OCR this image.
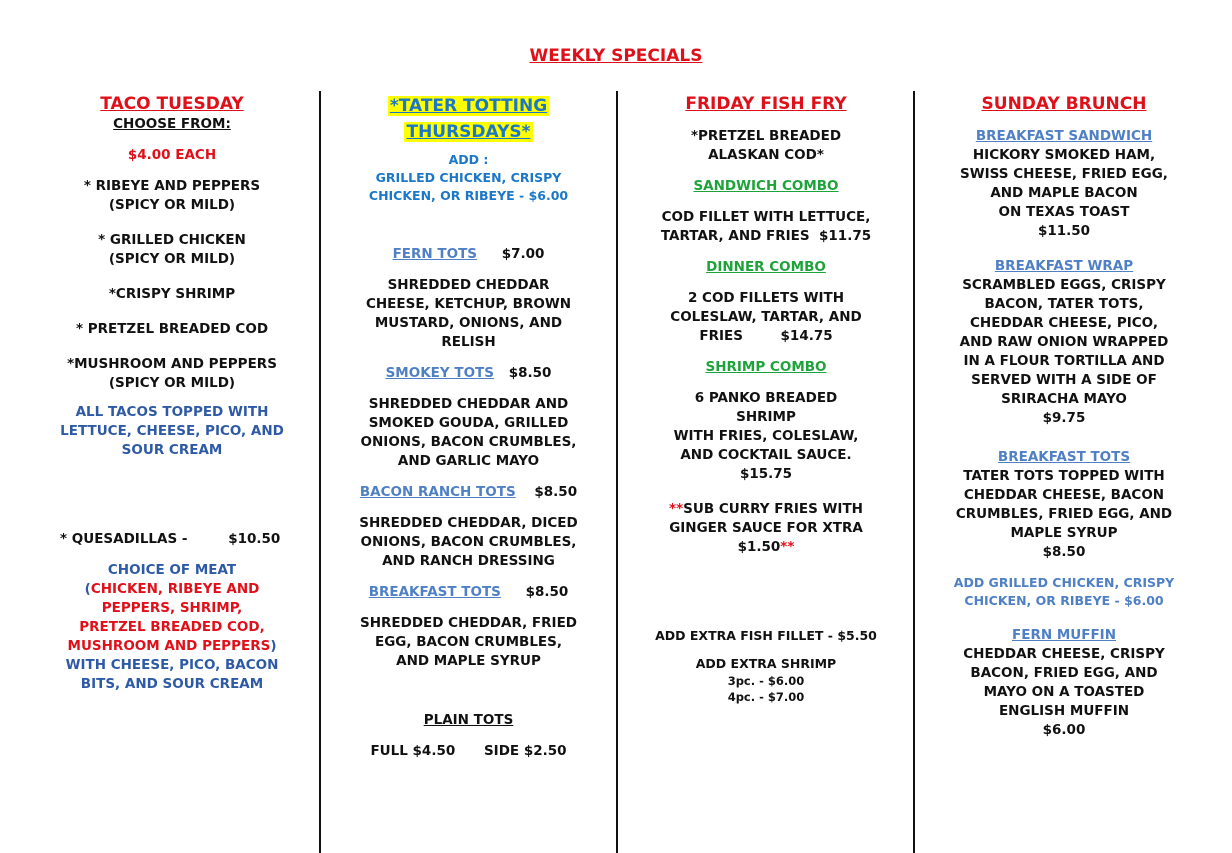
WEEKLY SPECIALS

TACO TUESDAY

CHOOSE FROM:

$4.00 EACH

* RIBEYE AND PEPPERS

(SPICY OR MILD)

* GRILLED CHICKEN

(SPICY OR MILD)

*CRISPY SHRIMP

* PRETZEL BREADED COD

*MUSHROOM AND PEPPERS

(SPICY OR MILD)

ALL TACOS TOPPED WITH

LETTUCE, CHEESE, PICO, AND

SOUR CREAM

* QUESADILLAS -	$10.50

CHOICE OF MEAT

(CHICKEN, RIBEYE AND

PEPPERS, SHRIMP,

PRETZEL BREADED COD,

MUSHROOM AND PEPPERS)

WITH CHEESE, PICO, BACON

BITS, AND SOUR CREAM

*TATER TOTTING

THURSDAYS*

ADD :

GRILLED CHICKEN, CRISPY

CHICKEN, OR RIBEYE - $6.00

FERN TOTS $7.00

SHREDDED CHEDDAR

CHEESE, KETCHUP, BROWN

MUSTARD, ONIONS, AND

RELISH

SMOKEY TOTS $8.50

SHREDDED CHEDDAR AND

SMOKED GOUDA, GRILLED

ONIONS, BACON CRUMBLES,

AND GARLIC MAYO

BACON RANCH TOTS $8.50

SHREDDED CHEDDAR, DICED

ONIONS, BACON CRUMBLES,

AND RANCH DRESSING

BREAKFAST TOTS $8.50

SHREDDED CHEDDAR, FRIED

EGG, BACON CRUMBLES,

AND MAPLE SYRUP

PLAIN TOTS

FULL $4.50 SIDE $2.50

FRIDAY FISH FRY

*PRETZEL BREADED

ALASKAN COD*

SANDWICH COMBO

COD FILLET WITH LETTUCE,

TARTAR, AND FRIES  $11.75

DINNER COMBO

2 COD FILLETS WITH

COLESLAW, TARTAR, AND

FRIES        $14.75

SHRIMP COMBO

6 PANKO BREADED

SHRIMP

WITH FRIES, COLESLAW,

AND COCKTAIL SAUCE.

$15.75

**SUB CURRY FRIES WITH

GINGER SAUCE FOR XTRA

$1.50**

ADD EXTRA FISH FILLET - $5.50

ADD EXTRA SHRIMP

3pc. - $6.00

4pc. - $7.00

SUNDAY BRUNCH

BREAKFAST SANDWICH

HICKORY SMOKED HAM,

SWISS CHEESE, FRIED EGG,

AND MAPLE BACON

ON TEXAS TOAST

$11.50

BREAKFAST WRAP

SCRAMBLED EGGS, CRISPY

BACON, TATER TOTS,

CHEDDAR CHEESE, PICO,

AND RAW ONION WRAPPED

IN A FLOUR TORTILLA AND

SERVED WITH A SIDE OF

SRIRACHA MAYO

$9.75

BREAKFAST TOTS

TATER TOTS TOPPED WITH

CHEDDAR CHEESE, BACON

CRUMBLES, FRIED EGG, AND

MAPLE SYRUP

$8.50

ADD GRILLED CHICKEN, CRISPY

CHICKEN, OR RIBEYE - $6.00

FERN MUFFIN

CHEDDAR CHEESE, CRISPY

BACON, FRIED EGG, AND

MAYO ON A TOASTED

ENGLISH MUFFIN

$6.00
